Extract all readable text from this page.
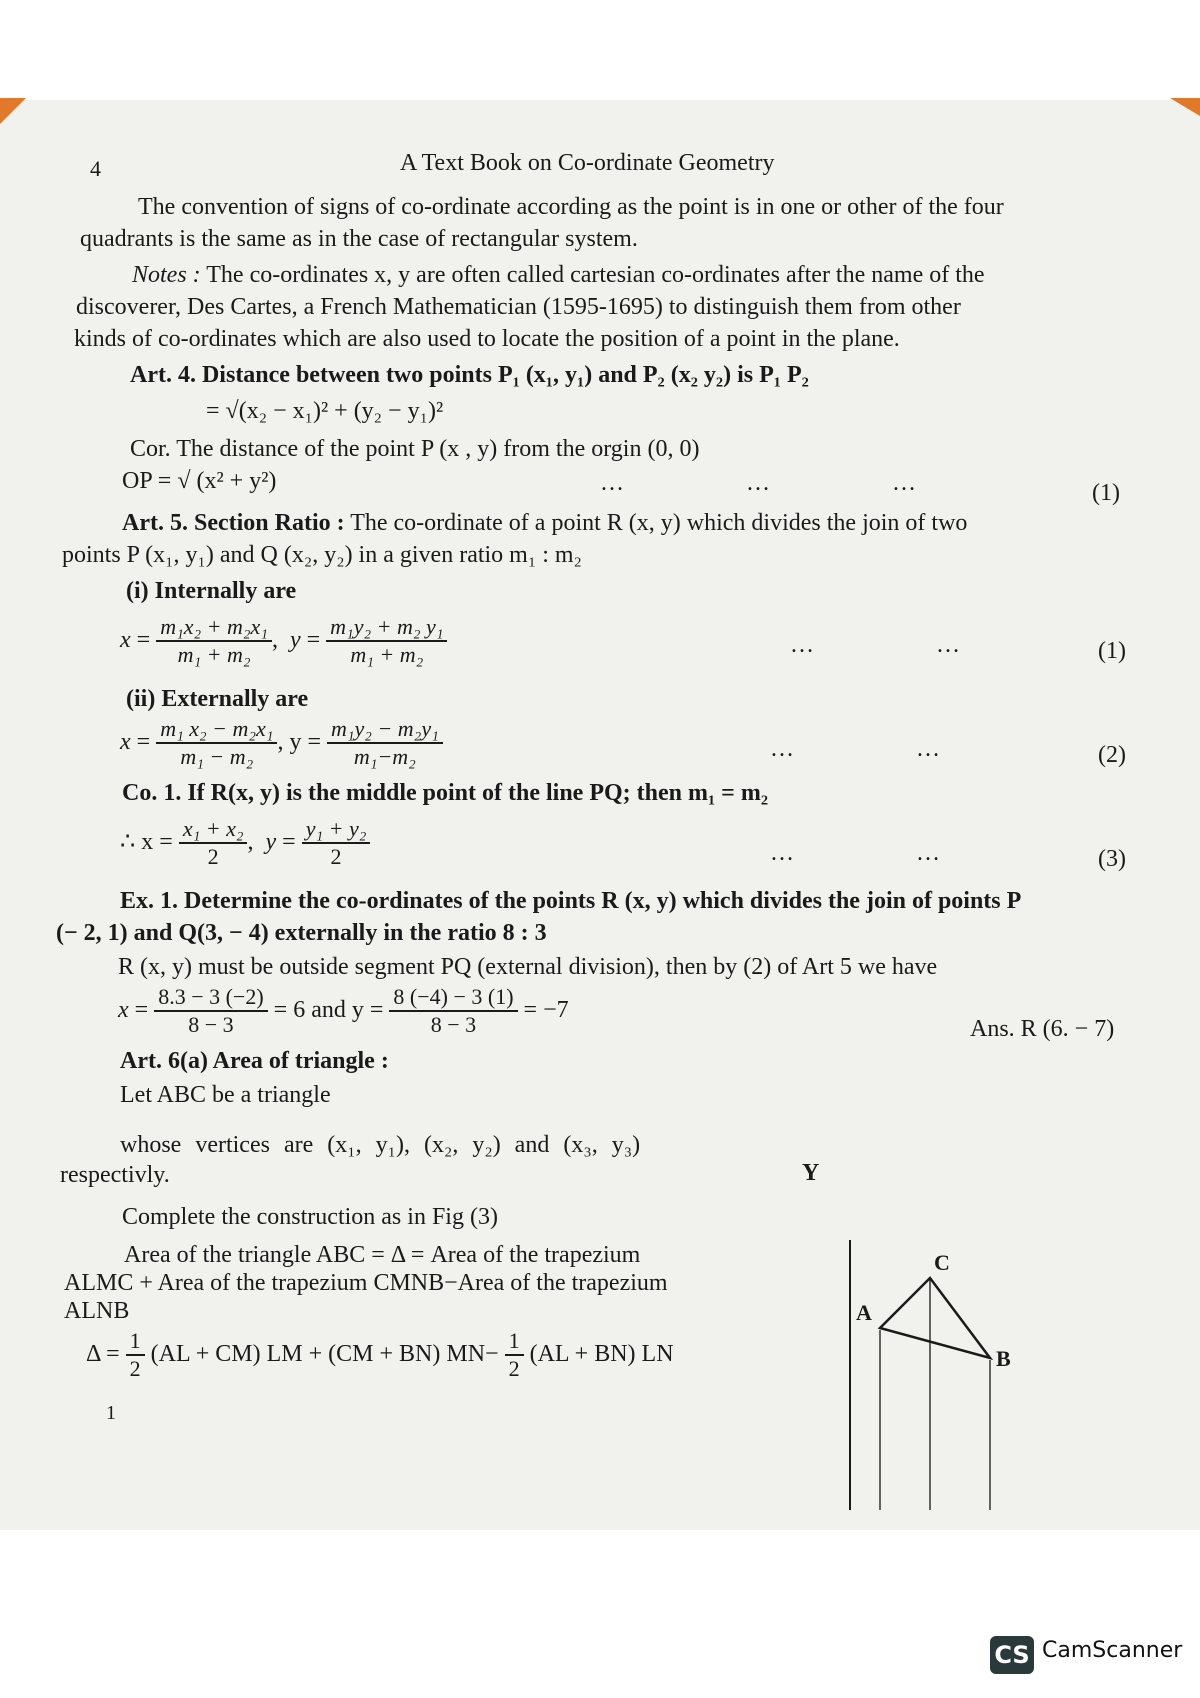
4	A Text Book on Co-ordinate Geometry
The convention of signs of co-ordinate according as the point is in one or other of the four
quadrants is the same as in the case of rectangular system.
Notes : The co-ordinates x, y are often called cartesian co-ordinates after the name of the
discoverer, Des Cartes, a French Mathematician (1595-1695) to distinguish them from other
kinds of co-ordinates which are also used to locate the position of a point in the plane.
Art. 4. Distance between two points P₁ (x₁, y₁) and P₂ (x₂ y₂) is P₁ P₂
= √(x₂ − x₁)² + (y₂ − y₁)²
Cor. The distance of the point P (x , y) from the orgin (0, 0)
OP = √ (x² + y²)	…               …               …	(1)
Art. 5. Section Ratio : The co-ordinate of a point R (x, y) which divides the join of two
points P (x₁, y₁) and Q (x₂, y₂) in a given ratio m₁ : m₂
(i) Internally are
$x = \frac{\text{m₁x₂ + m₂x₁}}{\text{m₁ + m₂}}$ ,  $y = \frac{\text{m₁y₂ + m₂ y₁}}{\text{m₁ + m₂}}$	…               …	(1)
(ii) Externally are
$x = \frac{\text{m₁ x₂ − m₂x₁}}{\text{m₁ − m₂}}$ , $y = \frac{\text{m₁y₂ − m₂y₁}}{\text{m₁−m₂}}$	…               …	(2)
Co. 1. If R(x, y) is the middle point of the line PQ; then m₁ = m₂
∴ $x = \frac{\text{x₁ + x₂}}{2}$ ,  $y = \frac{\text{y₁ + y₂}}{2}$	…               …	(3)
Ex. 1. Determine the co-ordinates of the points R (x, y) which divides the join of points P
(− 2, 1) and Q(3, − 4) externally in the ratio 8 : 3
R (x, y) must be outside segment PQ (external division), then by (2) of Art 5 we have
$x = \frac{8.3 - 3 (-2)}{8 - 3} = 6$ and $y = \frac{8 (-4) - 3 (1)}{8 - 3} = -7$
Ans. R (6. − 7)
Art. 6(a) Area of triangle :
Let ABC be a triangle
whose vertices are (x₁, y₁), (x₂, y₂) and (x₃, y₃)
respectivly.
Complete the construction as in Fig (3)
Area of the triangle ABC = Δ = Area of the trapezium
ALMC + Area of the trapezium CMNB−Area of the trapezium
ALNB
$\Delta = \frac{1}{2} (AL + CM)$ LM + (CM + BN) $MN- \frac{1}{2} (AL + BN)$ LN
1
Y
A
C
B
CS CamScanner
